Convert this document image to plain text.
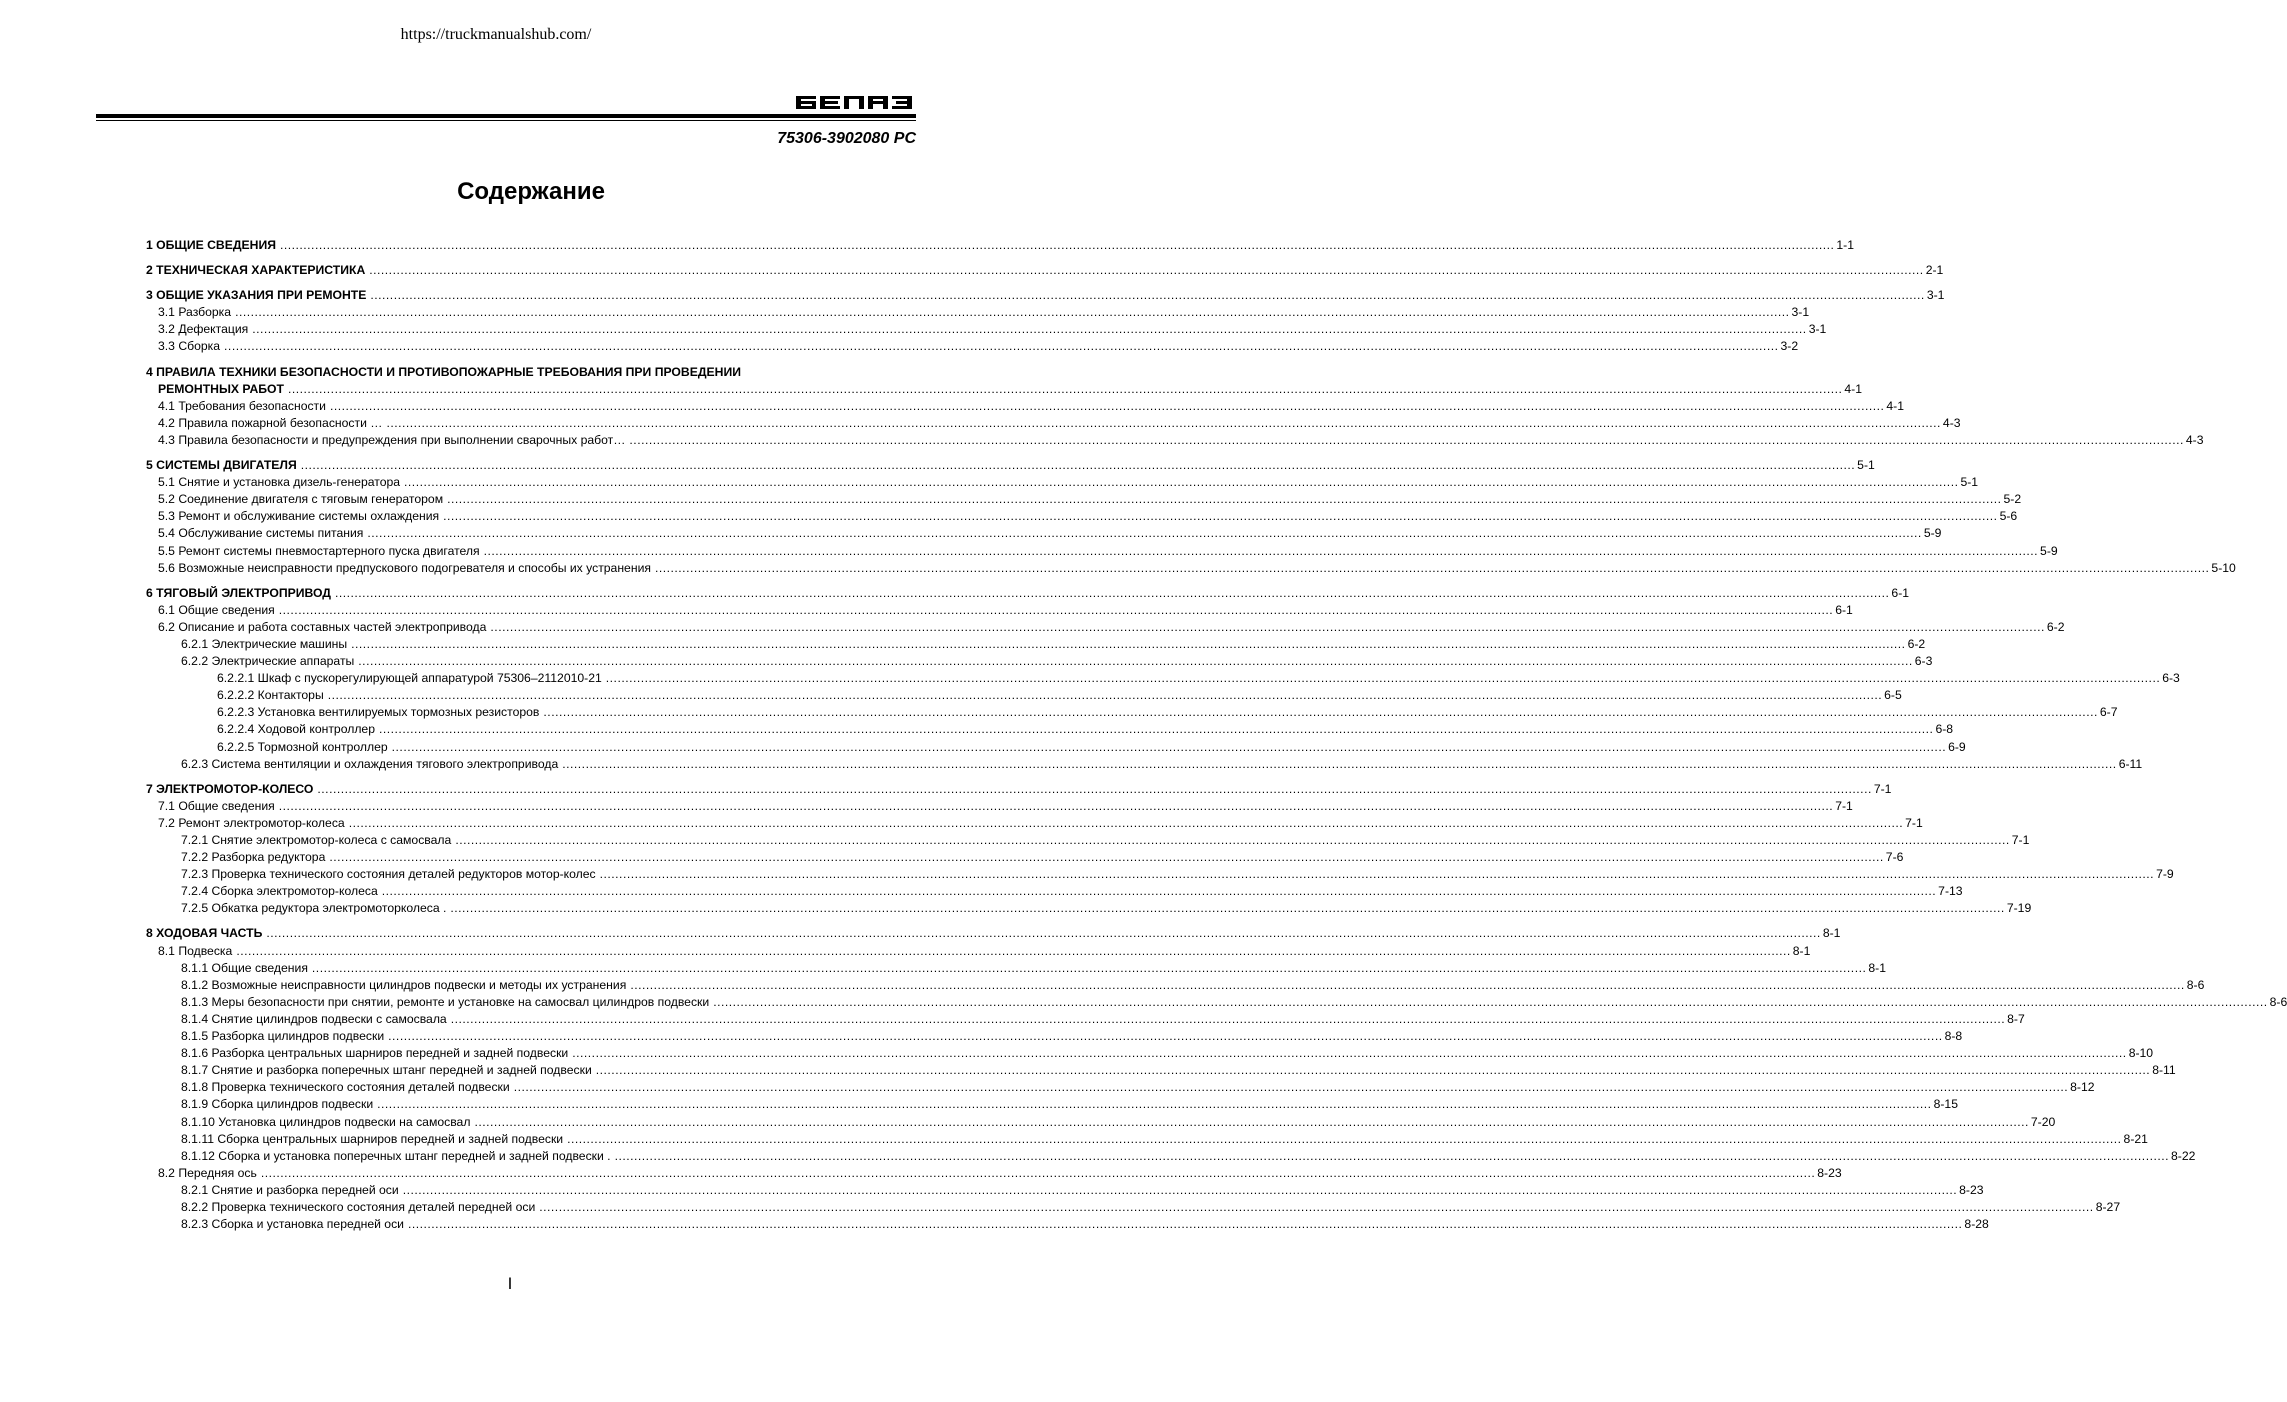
https://truckmanualshub.com/
75306-3902080 РС
Содержание
1 ОБЩИЕ СВЕДЕНИЯ ................................................................................................................................................................................................................................................................................................................................................................................................................ 1-1
2 ТЕХНИЧЕСКАЯ ХАРАКТЕРИСТИКА ................................................................................................................................................................................................................................................................................................................................................................................................................ 2-1
3 ОБЩИЕ УКАЗАНИЯ ПРИ РЕМОНТЕ ................................................................................................................................................................................................................................................................................................................................................................................................................ 3-1
3.1 Разборка ................................................................................................................................................................................................................................................................................................................................................................................................................ 3-1
3.2 Дефектация ................................................................................................................................................................................................................................................................................................................................................................................................................ 3-1
3.3 Сборка ................................................................................................................................................................................................................................................................................................................................................................................................................ 3-2
4 ПРАВИЛА ТЕХНИКИ БЕЗОПАСНОСТИ И ПРОТИВОПОЖАРНЫЕ ТРЕБОВАНИЯ ПРИ ПРОВЕДЕНИИ
РЕМОНТНЫХ РАБОТ ................................................................................................................................................................................................................................................................................................................................................................................................................ 4-1
4.1 Требования безопасности ................................................................................................................................................................................................................................................................................................................................................................................................................ 4-1
4.2 Правила пожарной безопасности … ................................................................................................................................................................................................................................................................................................................................................................................................................ 4-3
4.3 Правила безопасности и предупреждения при выполнении сварочных работ… ................................................................................................................................................................................................................................................................................................................................................................................................................ 4-3
5 СИСТЕМЫ ДВИГАТЕЛЯ ................................................................................................................................................................................................................................................................................................................................................................................................................ 5-1
5.1 Снятие и установка дизель-генератора ................................................................................................................................................................................................................................................................................................................................................................................................................ 5-1
5.2 Соединение двигателя с тяговым генератором ................................................................................................................................................................................................................................................................................................................................................................................................................ 5-2
5.3 Ремонт и обслуживание системы охлаждения ................................................................................................................................................................................................................................................................................................................................................................................................................ 5-6
5.4 Обслуживание системы питания ................................................................................................................................................................................................................................................................................................................................................................................................................ 5-9
5.5 Ремонт системы пневмостартерного пуска двигателя ................................................................................................................................................................................................................................................................................................................................................................................................................ 5-9
5.6 Возможные неисправности предпускового подогревателя и способы их устранения ................................................................................................................................................................................................................................................................................................................................................................................................................ 5-10
6 ТЯГОВЫЙ ЭЛЕКТРОПРИВОД ................................................................................................................................................................................................................................................................................................................................................................................................................ 6-1
6.1 Общие сведения ................................................................................................................................................................................................................................................................................................................................................................................................................ 6-1
6.2 Описание и работа составных частей электропривода ................................................................................................................................................................................................................................................................................................................................................................................................................ 6-2
6.2.1 Электрические машины ................................................................................................................................................................................................................................................................................................................................................................................................................ 6-2
6.2.2 Электрические аппараты ................................................................................................................................................................................................................................................................................................................................................................................................................ 6-3
6.2.2.1 Шкаф с пускорегулирующей аппаратурой 75306–2112010-21 ................................................................................................................................................................................................................................................................................................................................................................................................................ 6-3
6.2.2.2 Контакторы ................................................................................................................................................................................................................................................................................................................................................................................................................ 6-5
6.2.2.3 Установка вентилируемых тормозных резисторов ................................................................................................................................................................................................................................................................................................................................................................................................................ 6-7
6.2.2.4 Ходовой контроллер ................................................................................................................................................................................................................................................................................................................................................................................................................ 6-8
6.2.2.5 Тормозной контроллер ................................................................................................................................................................................................................................................................................................................................................................................................................ 6-9
6.2.3 Система вентиляции и охлаждения тягового электропривода ................................................................................................................................................................................................................................................................................................................................................................................................................ 6-11
7 ЭЛЕКТРОМОТОР-КОЛЕСО ................................................................................................................................................................................................................................................................................................................................................................................................................ 7-1
7.1 Общие сведения ................................................................................................................................................................................................................................................................................................................................................................................................................ 7-1
7.2 Ремонт электромотор-колеса ................................................................................................................................................................................................................................................................................................................................................................................................................ 7-1
7.2.1 Снятие электромотор-колеса с самосвала ................................................................................................................................................................................................................................................................................................................................................................................................................ 7-1
7.2.2 Разборка редуктора ................................................................................................................................................................................................................................................................................................................................................................................................................ 7-6
7.2.3 Проверка технического состояния деталей редукторов мотор-колес ................................................................................................................................................................................................................................................................................................................................................................................................................ 7-9
7.2.4 Сборка электромотор-колеса ................................................................................................................................................................................................................................................................................................................................................................................................................ 7-13
7.2.5 Обкатка редуктора электромоторколеса . ................................................................................................................................................................................................................................................................................................................................................................................................................ 7-19
8 ХОДОВАЯ ЧАСТЬ ................................................................................................................................................................................................................................................................................................................................................................................................................ 8-1
8.1 Подвеска ................................................................................................................................................................................................................................................................................................................................................................................................................ 8-1
8.1.1 Общие сведения ................................................................................................................................................................................................................................................................................................................................................................................................................ 8-1
8.1.2 Возможные неисправности цилиндров подвески и методы их устранения ................................................................................................................................................................................................................................................................................................................................................................................................................ 8-6
8.1.3 Меры безопасности при снятии, ремонте и установке на самосвал цилиндров подвески ................................................................................................................................................................................................................................................................................................................................................................................................................ 8-6
8.1.4 Снятие цилиндров подвески с самосвала ................................................................................................................................................................................................................................................................................................................................................................................................................ 8-7
8.1.5 Разборка цилиндров подвески ................................................................................................................................................................................................................................................................................................................................................................................................................ 8-8
8.1.6 Разборка центральных шарниров передней и задней подвески ................................................................................................................................................................................................................................................................................................................................................................................................................ 8-10
8.1.7 Снятие и разборка поперечных штанг передней и задней подвески ................................................................................................................................................................................................................................................................................................................................................................................................................ 8-11
8.1.8 Проверка технического состояния деталей подвески ................................................................................................................................................................................................................................................................................................................................................................................................................ 8-12
8.1.9 Сборка цилиндров подвески ................................................................................................................................................................................................................................................................................................................................................................................................................ 8-15
8.1.10 Установка цилиндров подвески на самосвал ................................................................................................................................................................................................................................................................................................................................................................................................................ 7-20
8.1.11 Сборка центральных шарниров передней и задней подвески ................................................................................................................................................................................................................................................................................................................................................................................................................ 8-21
8.1.12 Сборка и установка поперечных штанг передней и задней подвески . ................................................................................................................................................................................................................................................................................................................................................................................................................ 8-22
8.2 Передняя ось ................................................................................................................................................................................................................................................................................................................................................................................................................ 8-23
8.2.1 Снятие и разборка передней оси ................................................................................................................................................................................................................................................................................................................................................................................................................ 8-23
8.2.2 Проверка технического состояния деталей передней оси ................................................................................................................................................................................................................................................................................................................................................................................................................ 8-27
8.2.3 Сборка и установка передней оси ................................................................................................................................................................................................................................................................................................................................................................................................................ 8-28
I
